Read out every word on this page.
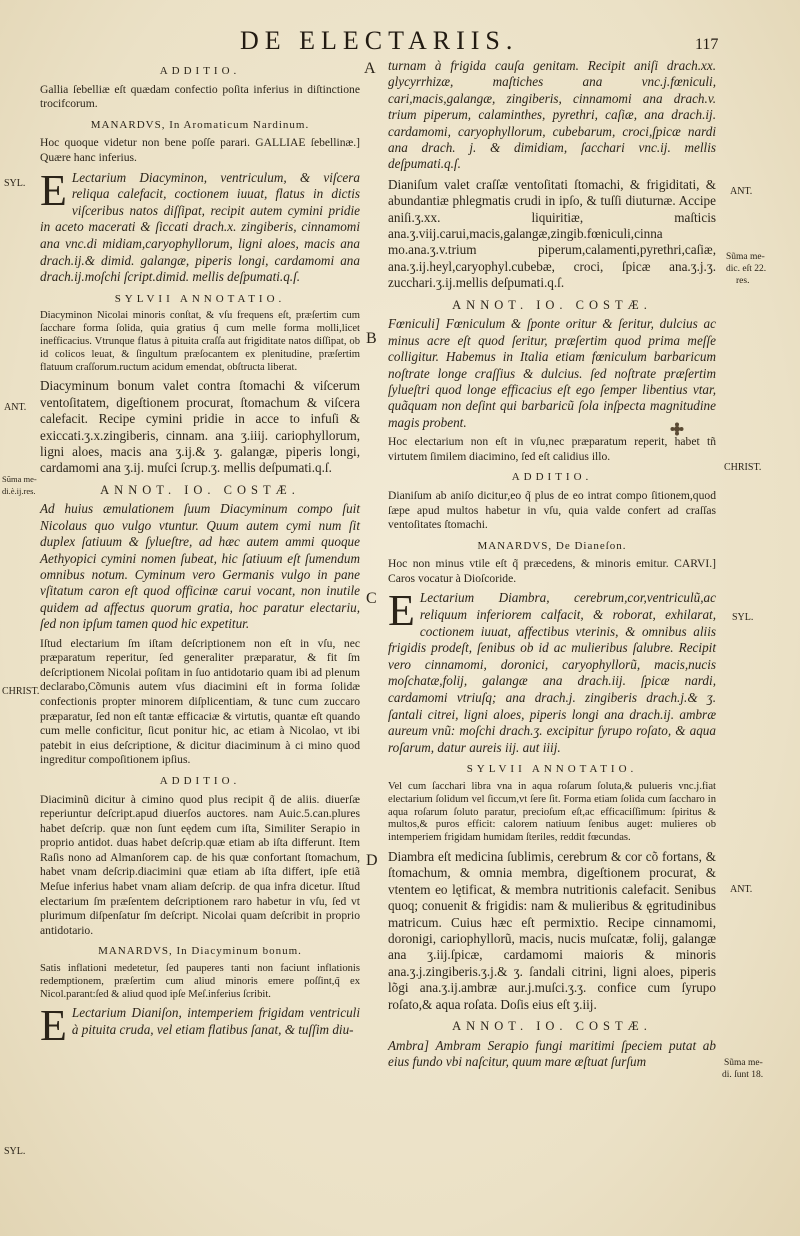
DE ELECTARIIS.	117
A
B
C
D
SYL.
ANT.
Sũma me-
di.è.ij.res.
CHRIST.
SYL.
ANT.
Sũma me-
dic. eſt 22.
res.
CHRIST.
SYL.
ANT.
Sũma me-
di. ſunt 18.
ADDITIO.
Gallia ſebelliæ eſt quædam confectio poſita inferius in diſtinctione trocifcorum.
MANARDVS, In Aromaticum Nardinum.
Hoc quoque videtur non bene poſſe parari. GALLIAE ſebellinæ.] Quære hanc inferius.
E Lectarium Diacyminon, ventriculum, & viſcera reliqua calefacit, coctionem iuuat, flatus in dictis viſceribus natos diſſipat, recipit autem cymini pridie in aceto macerati & ſiccati drach.x. zingiberis, cinnamomi ana vnc.di midiam,caryophyllorum, ligni aloes, macis ana drach.ij.& dimid. galangæ, piperis longi, cardamomi ana drach.ij.moſchi ſcript.dimid. mellis deſpumati.q.ſ.
SYLVII ANNOTATIO.
Diacyminon Nicolai minoris conſtat, & vſu frequens eſt, præſertim cum ſacchare forma ſolida, quia gratius q̃ cum melle forma molli,licet inefficacius. Vtrunque flatus à pituita craſſa aut frigiditate natos diſſipat, ob id colicos leuat, & ſingultum præſocantem ex plenitudine, præſertim flatuum craſſorum.ructum acidum emendat, obſtructa liberat.
Diacyminum bonum valet contra ſtomachi & viſcerum ventoſitatem, digeſtionem procurat, ſtomachum & viſcera calefacit. Recipe cymini pridie in acce to infuſi & exiccati.ʒ.x.zingiberis, cinnam. ana ʒ.iiij. cariophyllorum, ligni aloes, macis ana ʒ.ij.& ʒ. galangæ, piperis longi, cardamomi ana ʒ.ij. muſci ſcrup.ʒ. mellis deſpumati.q.ſ.
ANNOT. IO. COSTÆ.
Ad huius æmulationem ſuum Diacyminum compo ſuit Nicolaus quo vulgo vtuntur. Quum autem cymi num ſit duplex ſatiuum & ſylueſtre, ad hæc autem ammi quoque Aethyopici cymini nomen ſubeat, hic ſatiuum eſt ſumendum omnibus notum. Cyminum vero Germanis vulgo in pane vſitatum caron eſt quod officinæ carui vocant, non inutile quidem ad affectus quorum gratia, hoc paratur electariu, ſed non ipſum tamen quod hic expetitur.
Iſtud electarium ſm iſtam deſcriptionem non eſt in vſu, nec præparatum reperitur, ſed generaliter præparatur, & fit ſm deſcriptionem Nicolai poſitam in ſuo antidotario quam ibi ad plenum declarabo,Cõmunis autem vſus diacimini eſt in forma ſolidæ confectionis propter minorem diſplicentiam, & tunc cum zuccaro præparatur, ſed non eſt tantæ efficaciæ & virtutis, quantæ eſt quando cum melle conficitur, ſicut ponitur hic, ac etiam à Nicolao, vt ibi patebit in eius deſcriptione, & dicitur diaciminum à ci mino quod ingreditur compoſitionem ipſius.
ADDITIO.
Diaciminũ dicitur à cimino quod plus recipit q̃ de aliis. diuerſæ reperiuntur deſcript.apud diuerſos auctores. nam Auic.5.can.plures habet deſcrip. quæ non ſunt eędem cum iſta, Similiter Serapio in proprio antidot. duas habet deſcrip.quæ etiam ab iſta differunt. Item Raſis nono ad Almanſorem cap. de his quæ confortant ſtomachum, habet vnam deſcrip.diacimini quæ etiam ab iſta differt, ipſe etiã Meſue inferius habet vnam aliam deſcrip. de qua infra dicetur. Iſtud electarium ſm præſentem deſcriptionem raro habetur in vſu, ſed vt plurimum diſpenſatur ſm deſcript. Nicolai quam deſcribit in proprio antidotario.
MANARDVS, In Diacyminum bonum.
Satis inflationi medetetur, ſed pauperes tanti non faciunt inflationis redemptionem, præſertim cum aliud minoris emere poſſint,q̃ ex Nicol.parant:ſed & aliud quod ipſe Meſ.inferius ſcribit.
E Lectarium Dianiſon, intemperiem frigidam ventriculi à pituita cruda, vel etiam flatibus ſanat, & tuſſim diu-
turnam à frigida cauſa genitam. Recipit aniſi drach.xx. glycyrrhizæ, maſtiches ana vnc.j.fœniculi, cari,macis,galangæ, zingiberis, cinnamomi ana drach.v. trium piperum, calaminthes, pyrethri, caſiæ, ana drach.ij. cardamomi, caryophyllorum, cubebarum, croci,ſpicæ nardi ana drach. j. & dimidiam, ſacchari vnc.ij. mellis deſpumati.q.ſ.
Dianiſum valet craſſæ ventoſitati ſtomachi, & frigiditati, & abundantiæ phlegmatis crudi in ipſo, & tuſſi diuturnæ. Accipe aniſi.ʒ.xx. liquiritiæ, maſticis ana.ʒ.viij.carui,macis,galangæ,zingib.fœniculi,cinna mo.ana.ʒ.v.trium piperum,calamenti,pyrethri,caſiæ, ana.ʒ.ij.heyl,caryophyl.cubebæ, croci, ſpicæ ana.ʒ.j.ʒ. zucchari.ʒ.ij.mellis deſpumati.q.ſ.
ANNOT. IO. COSTÆ.
Fœniculi] Fœniculum & ſponte oritur & ſeritur, dulcius ac minus acre eſt quod ſeritur, præſertim quod prima meſſe colligitur. Habemus in Italia etiam fœniculum barbaricum noſtrate longe craſſius & dulcius. ſed noſtrate præſertim ſylueſtri quod longe efficacius eſt ego ſemper libentius vtar, quãquam non deſint qui barbaricũ ſola inſpecta magnitudine magis probent.
Hoc electarium non eſt in vſu,nec præparatum reperit, habet tñ virtutem ſimilem diacimino, ſed eſt calidius illo.
ADDITIO.
Dianiſum ab aniſo dicitur,eo q̃ plus de eo intrat compo ſitionem,quod ſæpe apud multos habetur in vſu, quia valde confert ad craſſas ventoſitates ſtomachi.
MANARDVS, De Dianeſon.
Hoc non minus vtile eſt q̃ præcedens, & minoris emitur. CARVI.] Caros vocatur à Dioſcoride.
E Lectarium Diambra, cerebrum,cor,ventriculũ,ac reliquum inferiorem calfacit, & roborat, exhilarat, coctionem iuuat, affectibus vterinis, & omnibus aliis frigidis prodeſt, ſenibus ob id ac mulieribus ſalubre. Recipit vero cinnamomi, doronici, caryophyllorũ, macis,nucis moſchatæ,folij, galangæ ana drach.iij. ſpicæ nardi, cardamomi vtriuſq; ana drach.j. zingiberis drach.j.& ʒ. ſantali citrei, ligni aloes, piperis longi ana drach.ij. ambræ aureum vnũ: moſchi drach.ʒ. excipitur ſyrupo roſato, & aqua roſarum, datur aureis iij. aut iiij.
SYLVII ANNOTATIO.
Vel cum ſacchari libra vna in aqua roſarum ſoluta,& pulueris vnc.j.fiat electarium ſolidum vel ſiccum,vt ſere ſit. Forma etiam ſolida cum ſaccharo in aqua roſarum ſoluto paratur, preciοſum eſt,ac efficaciſſimum: ſpiritus & multos,& puros efficit: calorem natiuum ſenibus auget: mulieres ob intemperiem frigidam humidam ſteriles, reddit fœcundas.
Diambra eſt medicina ſublimis, cerebrum & cor cõ fortans, & ſtomachum, & omnia membra, digeſtionem procurat, & vtentem eo lętificat, & membra nutritionis calefacit. Senibus quoq; conuenit & frigidis: nam & mulieribus & ęgritudinibus matricum. Cuius hæc eſt permixtio. Recipe cinnamomi, doronigi, cariophyllorũ, macis, nucis muſcatæ, folij, galangæ ana ʒ.iij.ſpicæ, cardamomi maioris & minoris ana.ʒ.j.zingiberis.ʒ.j.& ʒ. ſandali citrini, ligni aloes, piperis lõgi ana.ʒ.ij.ambræ aur.j.muſci.ʒ.ʒ. confice cum ſyrupo roſato,& aqua roſata. Doſis eius eſt ʒ.iij.
ANNOT. IO. COSTÆ.
Ambra] Ambram Serapio fungi maritimi ſpeciem putat ab eius fundo vbi naſcitur, quum mare æſtuat ſurſum
